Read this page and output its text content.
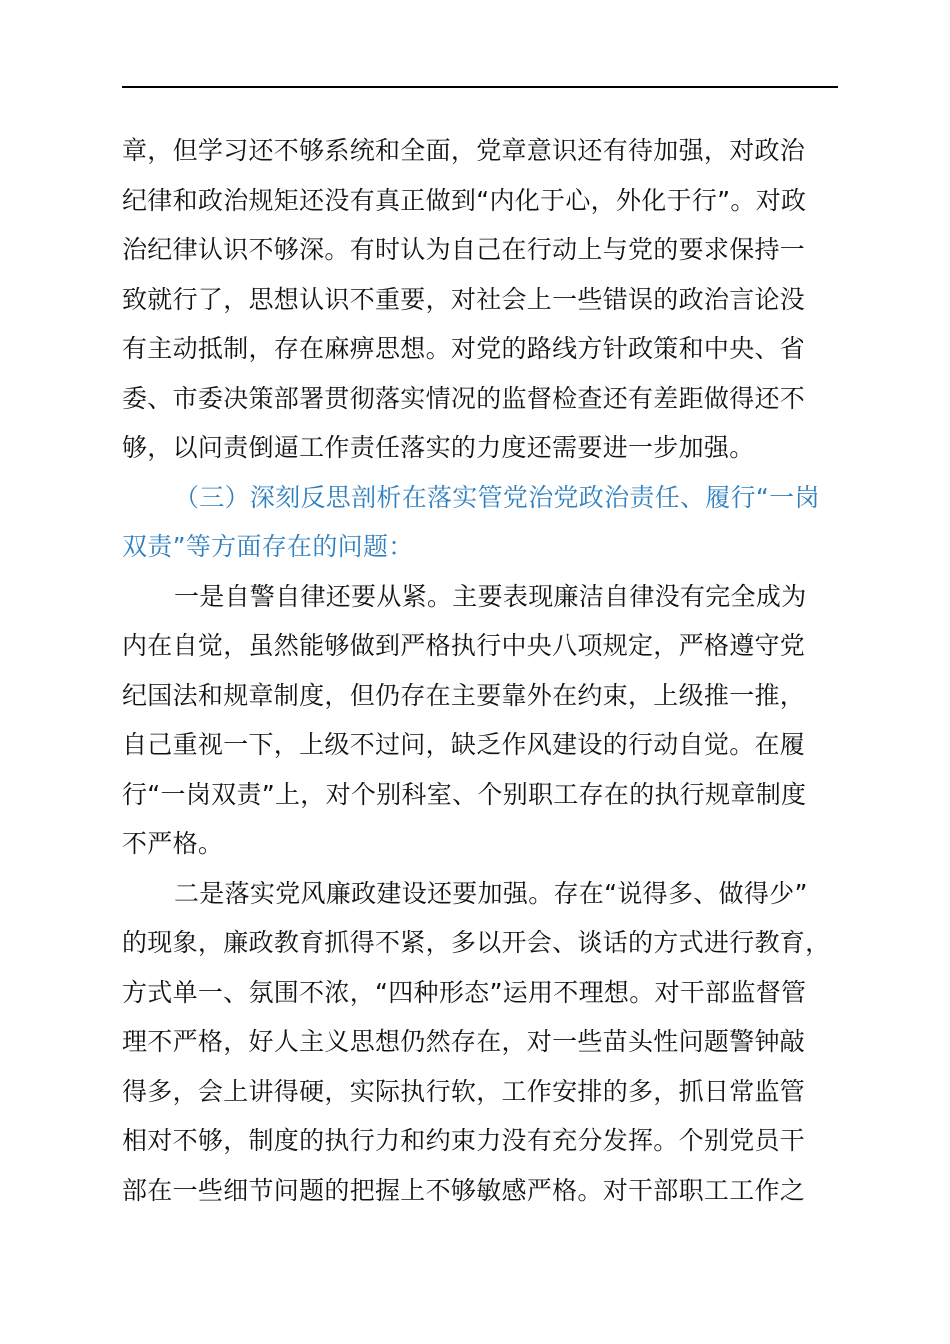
章，但学习还不够系统和全面，党章意识还有待加强，对政治
纪律和政治规矩还没有真正做到“内化于心，外化于行”。对政
治纪律认识不够深。有时认为自己在行动上与党的要求保持一
致就行了，思想认识不重要，对社会上一些错误的政治言论没
有主动抵制，存在麻痹思想。对党的路线方针政策和中央、省
委、市委决策部署贯彻落实情况的监督检查还有差距做得还不
够，以问责倒逼工作责任落实的力度还需要进一步加强。
（三）深刻反思剖析在落实管党治党政治责任、履行“一岗
双责”等方面存在的问题：
一是自警自律还要从紧。主要表现廉洁自律没有完全成为
内在自觉，虽然能够做到严格执行中央八项规定，严格遵守党
纪国法和规章制度，但仍存在主要靠外在约束，上级推一推，
自己重视一下，上级不过问，缺乏作风建设的行动自觉。在履
行“一岗双责”上，对个别科室、个别职工存在的执行规章制度
不严格。
二是落实党风廉政建设还要加强。存在“说得多、做得少”
的现象，廉政教育抓得不紧，多以开会、谈话的方式进行教育，
方式单一、氛围不浓，“四种形态”运用不理想。对干部监督管
理不严格，好人主义思想仍然存在，对一些苗头性问题警钟敲
得多，会上讲得硬，实际执行软，工作安排的多，抓日常监管
相对不够，制度的执行力和约束力没有充分发挥。个别党员干
部在一些细节问题的把握上不够敏感严格。对干部职工工作之
